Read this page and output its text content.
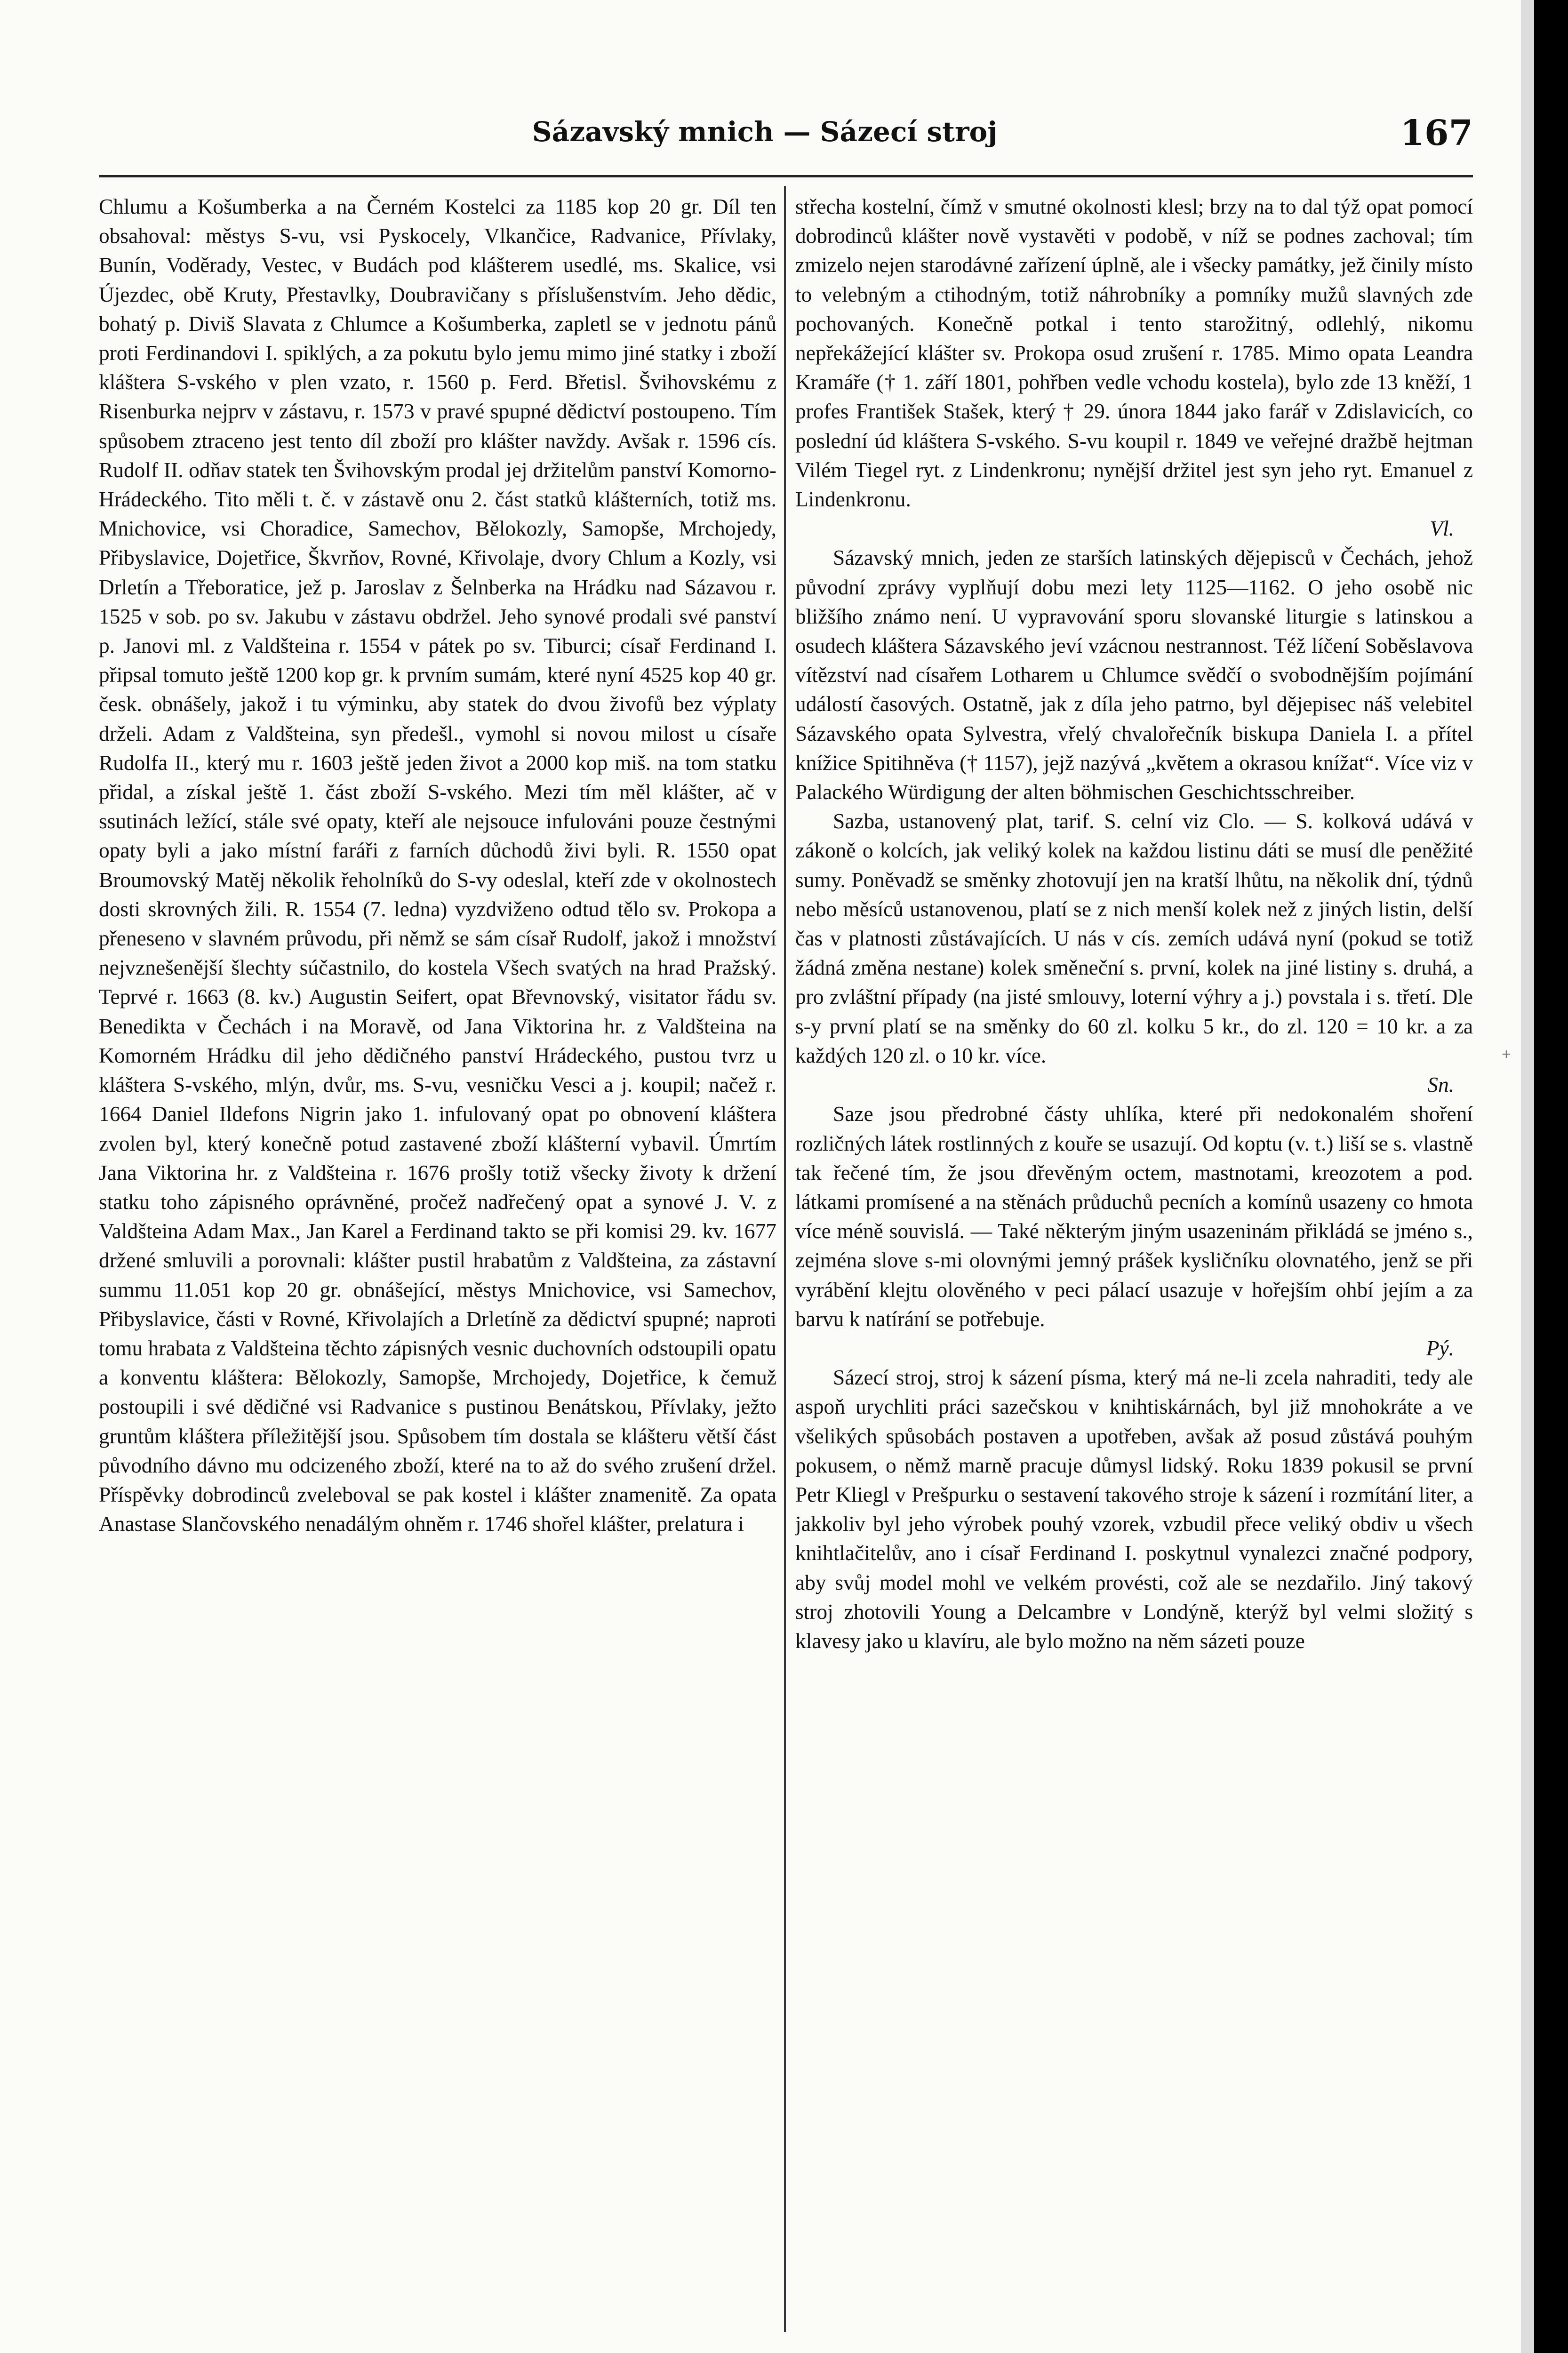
Sázavský mnich — Sázecí stroj	167

Chlumu a Košumberka a na Černém Kostelci za 1185 kop 20 gr. Díl ten obsahoval: městys S-vu, vsi Pyskocely, Vlkančice, Radvanice, Přívlaky, Bunín, Voděrady, Vestec, v Budách pod klášterem usedlé, ms. Skalice, vsi Újezdec, obě Kruty, Přestavlky, Doubravičany s příslušenstvím. Jeho dědic, bohatý p. Diviš Slavata z Chlumce a Košumberka, zapletl se v jednotu pánů proti Ferdinandovi I. spiklých, a za pokutu bylo jemu mimo jiné statky i zboží kláštera S-vského v plen vzato, r. 1560 p. Ferd. Břetisl. Švihovskému z Risenburka nejprv v zástavu, r. 1573 v pravé spupné dědictví postoupeno. Tím spůsobem ztraceno jest tento díl zboží pro klášter navždy. Avšak r. 1596 cís. Rudolf II. odňav statek ten Švihovským prodal jej držitelům panství Komorno-Hrádeckého. Tito měli t. č. v zástavě onu 2. část statků klášterních, totiž ms. Mnichovice, vsi Choradice, Samechov, Bělokozly, Samopše, Mrchojedy, Přibyslavice, Dojetřice, Škvrňov, Rovné, Křivolaje, dvory Chlum a Kozly, vsi Drletín a Třeboratice, jež p. Jaroslav z Šelnberka na Hrádku nad Sázavou r. 1525 v sob. po sv. Jakubu v zástavu obdržel. Jeho synové prodali své panství p. Janovi ml. z Valdšteina r. 1554 v pátek po sv. Tiburci; císař Ferdinand I. připsal tomuto ještě 1200 kop gr. k prvním sumám, které nyní 4525 kop 40 gr. česk. obnášely, jakož i tu výminku, aby statek do dvou živofů bez výplaty drželi. Adam z Valdšteina, syn předešl., vymohl si novou milost u císaře Rudolfa II., který mu r. 1603 ještě jeden život a 2000 kop miš. na tom statku přidal, a získal ještě 1. část zboží S-vského. Mezi tím měl klášter, ač v ssutinách ležící, stále své opaty, kteří ale nejsouce infulováni pouze čestnými opaty byli a jako místní faráři z farních důchodů živi byli. R. 1550 opat Broumovský Matěj několik řeholníků do S-vy odeslal, kteří zde v okolnostech dosti skrovných žili. R. 1554 (7. ledna) vyzdviženo odtud tělo sv. Prokopa a přeneseno v slavném průvodu, při němž se sám císař Rudolf, jakož i množství nejvznešenější šlechty súčastnilo, do kostela Všech svatých na hrad Pražský. Teprvé r. 1663 (8. kv.) Augustin Seifert, opat Břevnovský, visitator řádu sv. Benedikta v Čechách i na Moravě, od Jana Viktorina hr. z Valdšteina na Komorném Hrádku dil jeho dědičného panství Hrádeckého, pustou tvrz u kláštera S-vského, mlýn, dvůr, ms. S-vu, vesničku Vesci a j. koupil; načež r. 1664 Daniel Ildefons Nigrin jako 1. infulovaný opat po obnovení kláštera zvolen byl, který konečně potud zastavené zboží klášterní vybavil. Úmrtím Jana Viktorina hr. z Valdšteina r. 1676 prošly totiž všecky životy k držení statku toho zápisného oprávněné, pročež nadřečený opat a synové J. V. z Valdšteina Adam Max., Jan Karel a Ferdinand takto se při komisi 29. kv. 1677 držené smluvili a porovnali: klášter pustil hrabatům z Valdšteina, za zástavní summu 11.051 kop 20 gr. obnášející, městys Mnichovice, vsi Samechov, Přibyslavice, části v Rovné, Křivolajích a Drletíně za dědictví spupné; naproti tomu hrabata z Valdšteina těchto zápisných vesnic duchovních odstoupili opatu a konventu kláštera: Bělokozly, Samopše, Mrchojedy, Dojetřice, k čemuž postoupili i své dědičné vsi Radvanice s pustinou Benátskou, Přívlaky, ježto gruntům kláštera příležitější jsou. Spůsobem tím dostala se klášteru větší část původního dávno mu odcizeného zboží, které na to až do svého zrušení držel. Příspěvky dobrodinců zveleboval se pak kostel i klášter znamenitě. Za opata Anastase Slančovského nenadálým ohněm r. 1746 shořel klášter, prelatura i

střecha kostelní, čímž v smutné okolnosti klesl; brzy na to dal týž opat pomocí dobrodinců klášter nově vystavěti v podobě, v níž se podnes zachoval; tím zmizelo nejen starodávné zařízení úplně, ale i všecky památky, jež činily místo to velebným a ctihodným, totiž náhrobníky a pomníky mužů slavných zde pochovaných. Konečně potkal i tento starožitný, odlehlý, nikomu nepřekážející klášter sv. Prokopa osud zrušení r. 1785. Mimo opata Leandra Kramáře († 1. září 1801, pohřben vedle vchodu kostela), bylo zde 13 kněží, 1 profes František Stašek, který † 29. února 1844 jako farář v Zdislavicích, co poslední úd kláštera S-vského. S-vu koupil r. 1849 ve veřejné dražbě hejtman Vilém Tiegel ryt. z Lindenkronu; nynější držitel jest syn jeho ryt. Emanuel z Lindenkronu.

Vl.

Sázavský mnich, jeden ze starších latinských dějepisců v Čechách, jehož původní zprávy vyplňují dobu mezi lety 1125—1162. O jeho osobě nic bližšího známo není. U vypravování sporu slovanské liturgie s latinskou a osudech kláštera Sázavského jeví vzácnou nestrannost. Též líčení Soběslavova vítězství nad císařem Lotharem u Chlumce svědčí o svobodnějším pojímání událostí časových. Ostatně, jak z díla jeho patrno, byl dějepisec náš velebitel Sázavského opata Sylvestra, vřelý chvalořečník biskupa Daniela I. a přítel knížice Spitihněva († 1157), jejž nazývá „květem a okrasou knížat“. Více viz v Palackého Würdigung der alten böhmischen Geschichtsschreiber.

Sazba, ustanovený plat, tarif. S. celní viz Clo. — S. kolková udává v zákoně o kolcích, jak veliký kolek na každou listinu dáti se musí dle peněžité sumy. Poněvadž se směnky zhotovují jen na kratší lhůtu, na několik dní, týdnů nebo měsíců ustanovenou, platí se z nich menší kolek než z jiných listin, delší čas v platnosti zůstávajících. U nás v cís. zemích udává nyní (pokud se totiž žádná změna nestane) kolek směneční s. první, kolek na jiné listiny s. druhá, a pro zvláštní případy (na jisté smlouvy, loterní výhry a j.) povstala i s. třetí. Dle s-y první platí se na směnky do 60 zl. kolku 5 kr., do zl. 120 = 10 kr. a za každých 120 zl. o 10 kr. více.

Sn.

Saze jsou předrobné částy uhlíka, které při nedokonalém shoření rozličných látek rostlinných z kouře se usazují. Od koptu (v. t.) liší se s. vlastně tak řečené tím, že jsou dřevěným octem, mastnotami, kreozotem a pod. látkami promísené a na stěnách průduchů pecních a komínů usazeny co hmota více méně souvislá. — Také některým jiným usazeninám přikládá se jméno s., zejména slove s-mi olovnými jemný prášek kysličníku olovnatého, jenž se při vyrábění klejtu olověného v peci pálací usazuje v hořejším ohbí jejím a za barvu k natírání se potřebuje.

Pý.

Sázecí stroj, stroj k sázení písma, který má ne-li zcela nahraditi, tedy ale aspoň urychliti práci sazečskou v knihtiskárnách, byl již mnohokráte a ve všelikých spůsobách postaven a upotřeben, avšak až posud zůstává pouhým pokusem, o němž marně pracuje důmysl lidský. Roku 1839 pokusil se první Petr Kliegl v Prešpurku o sestavení takového stroje k sázení i rozmítání liter, a jakkoliv byl jeho výrobek pouhý vzorek, vzbudil přece veliký obdiv u všech knihtlačitelův, ano i císař Ferdinand I. poskytnul vynalezci značné podpory, aby svůj model mohl ve velkém provésti, což ale se nezdařilo. Jiný takový stroj zhotovili Young a Delcambre v Londýně, kterýž byl velmi složitý s klavesy jako u klavíru, ale bylo možno na něm sázeti pouze

+
